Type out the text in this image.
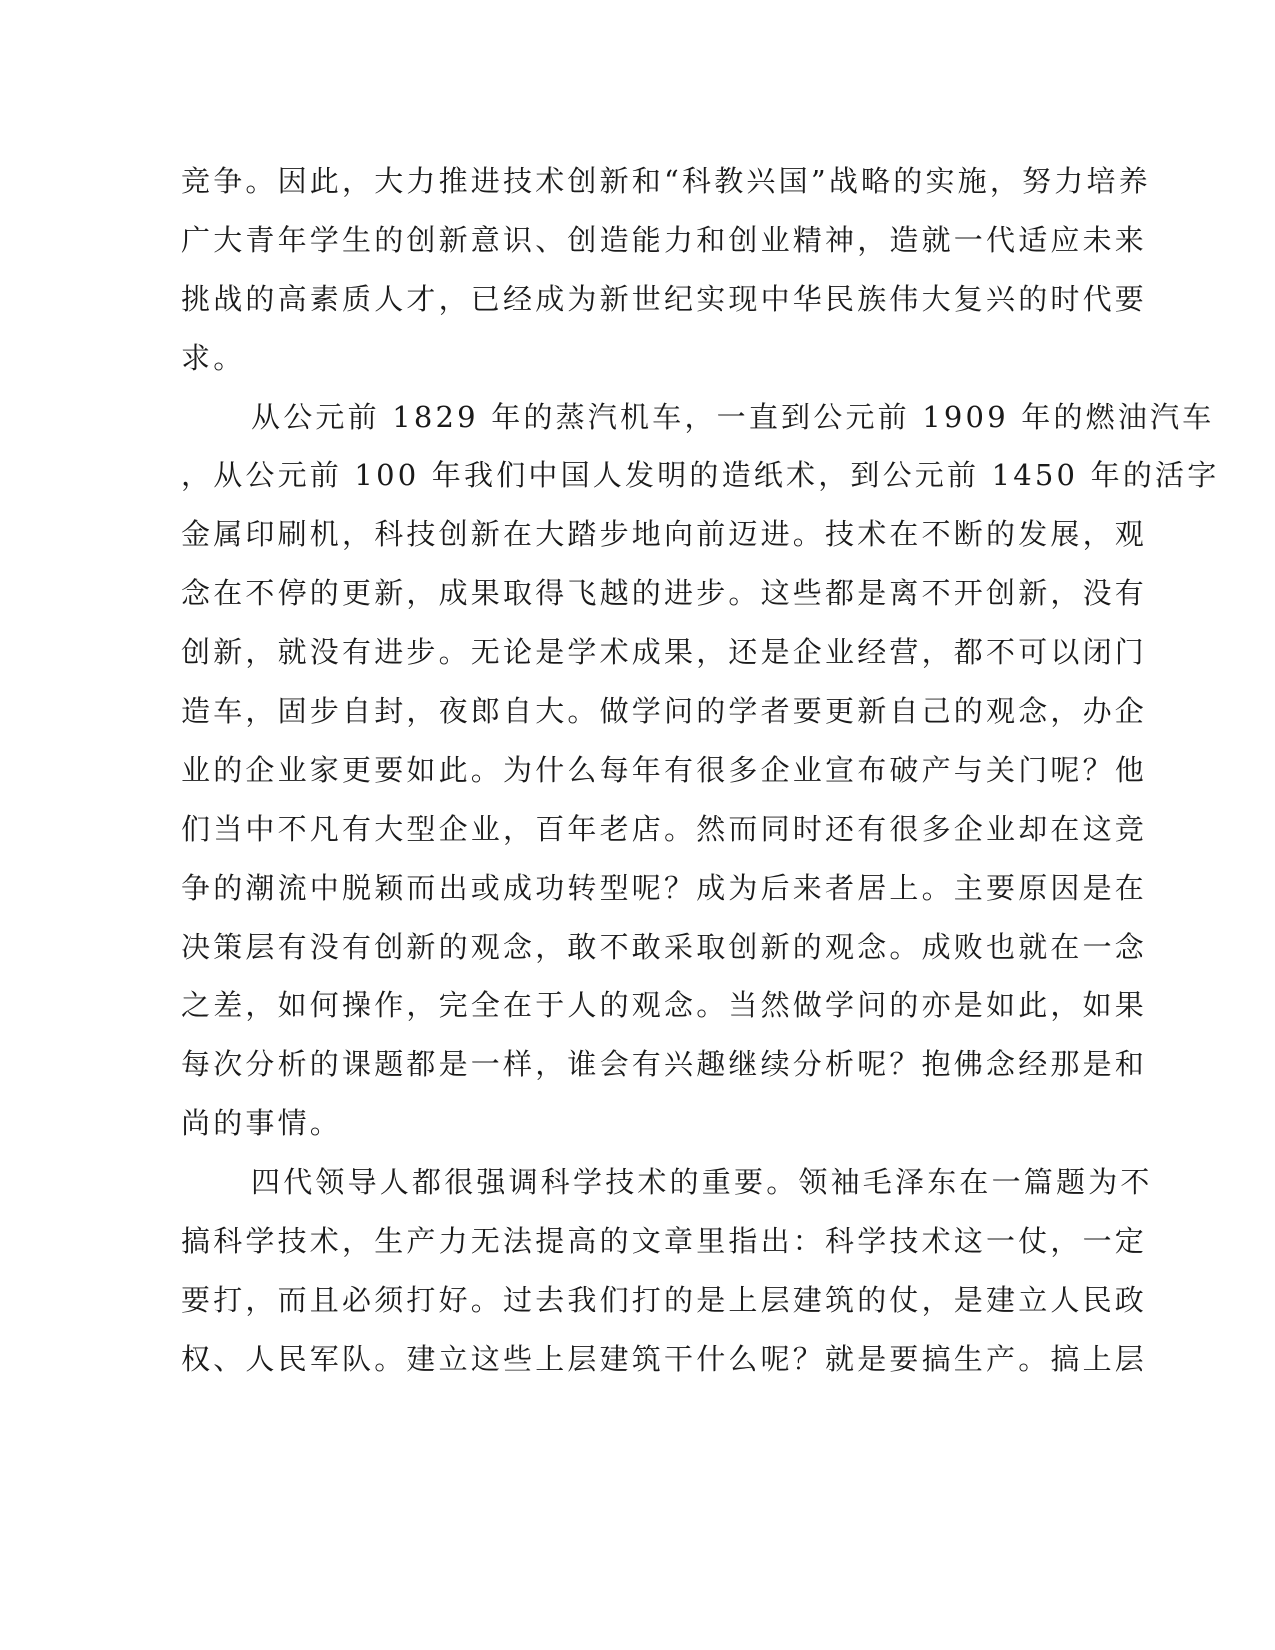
竞争。因此，大力推进技术创新和“科教兴国”战略的实施，努力培养
广大青年学生的创新意识、创造能力和创业精神，造就一代适应未来
挑战的高素质人才，已经成为新世纪实现中华民族伟大复兴的时代要
求。
从公元前 1829 年的蒸汽机车，一直到公元前 1909 年的燃油汽车
，从公元前 100 年我们中国人发明的造纸术，到公元前 1450 年的活字
金属印刷机，科技创新在大踏步地向前迈进。技术在不断的发展，观
念在不停的更新，成果取得飞越的进步。这些都是离不开创新，没有
创新，就没有进步。无论是学术成果，还是企业经营，都不可以闭门
造车，固步自封，夜郎自大。做学问的学者要更新自己的观念，办企
业的企业家更要如此。为什么每年有很多企业宣布破产与关门呢？他
们当中不凡有大型企业，百年老店。然而同时还有很多企业却在这竞
争的潮流中脱颖而出或成功转型呢？成为后来者居上。主要原因是在
决策层有没有创新的观念，敢不敢采取创新的观念。成败也就在一念
之差，如何操作，完全在于人的观念。当然做学问的亦是如此，如果
每次分析的课题都是一样，谁会有兴趣继续分析呢？抱佛念经那是和
尚的事情。
四代领导人都很强调科学技术的重要。领袖毛泽东在一篇题为不
搞科学技术，生产力无法提高的文章里指出：科学技术这一仗，一定
要打，而且必须打好。过去我们打的是上层建筑的仗，是建立人民政
权、人民军队。建立这些上层建筑干什么呢？就是要搞生产。搞上层
